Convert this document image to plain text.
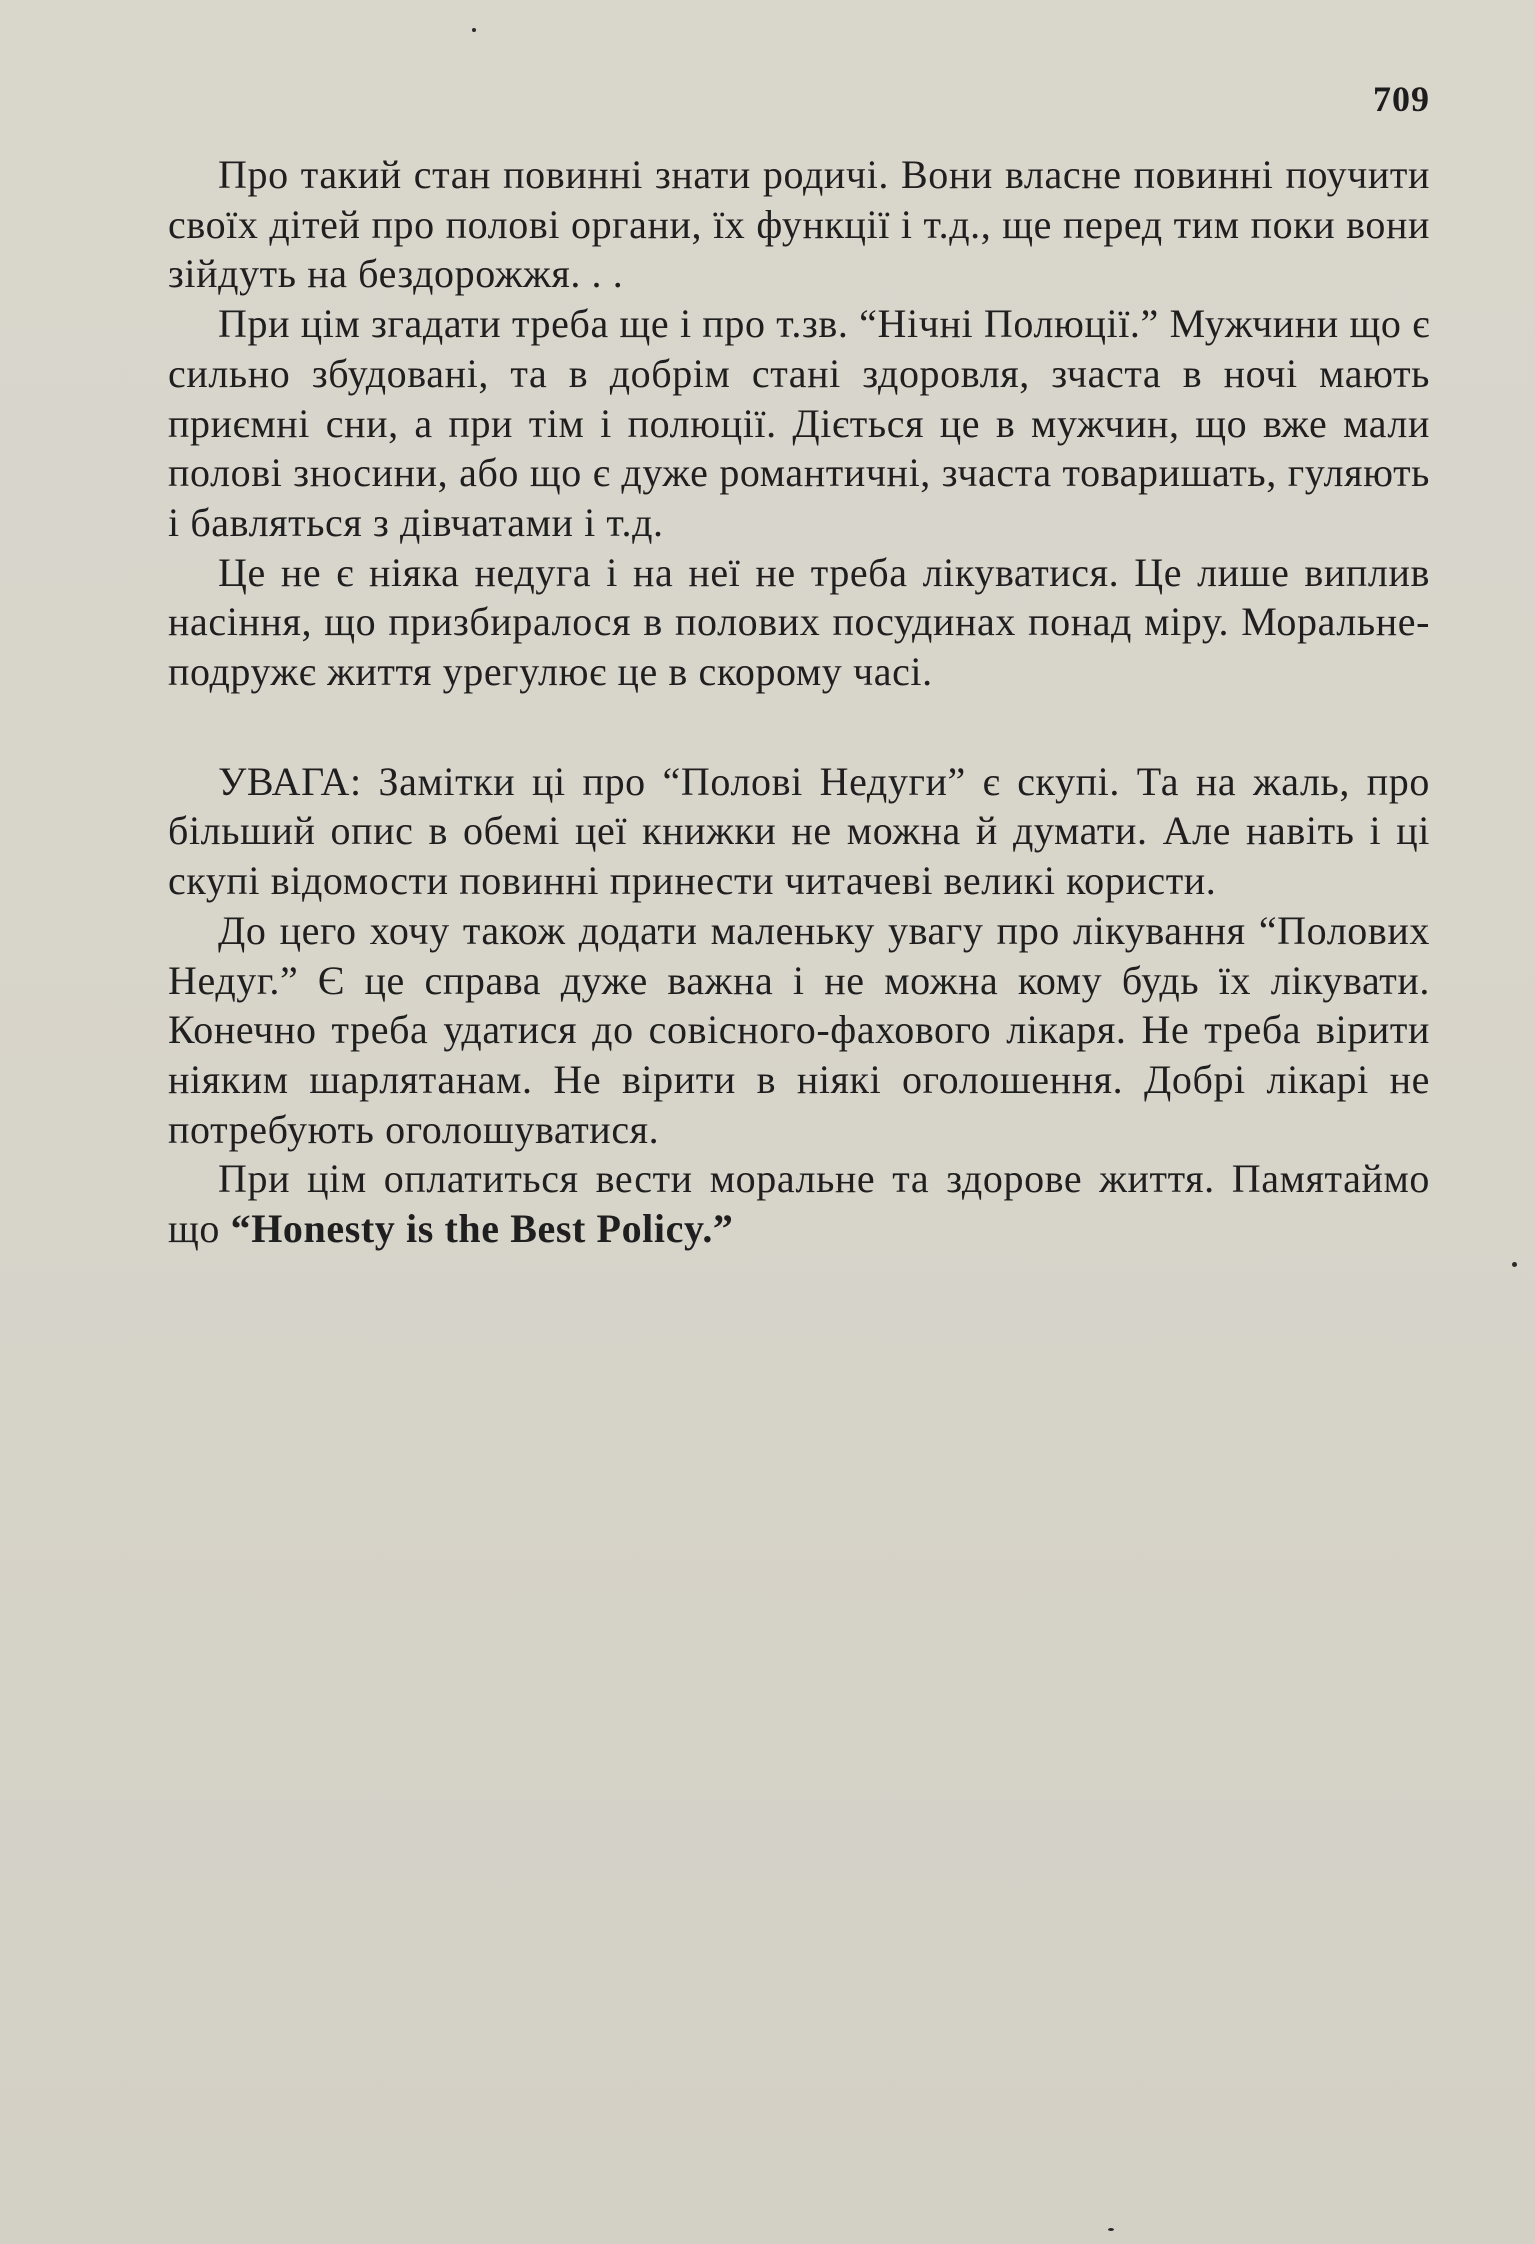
709

Про такий стан повинні знати родичі. Вони власне повинні поучити своїх дітей про полові органи, їх функції і т.д., ще перед тим поки вони зійдуть на бездорожжя. . .

При цім згадати треба ще і про т.зв. “Нічні Полюції.” Мужчини що є сильно збудовані, та в добрім стані здоровля, зчаста в ночі мають приємні сни, а при тім і полюції. Діється це в мужчин, що вже мали полові зносини, або що є дуже романтичні, зчаста товаришать, гуляють і бавляться з дівчатами і т.д.

Це не є ніяка недуга і на неї не треба лікуватися. Це лише виплив насіння, що призбиралося в полових посудинах понад міру. Моральне-подружє життя урегулює це в скорому часі.

УВАГА: Замітки ці про “Полові Недуги” є скупі. Та на жаль, про більший опис в обемі цеї книжки не можна й думати. Але навіть і ці скупі відомости повинні принести читачеві великі користи.

До цего хочу також додати маленьку увагу про лікування “Полових Недуг.” Є це справа дуже важна і не можна кому будь їх лікувати. Конечно треба удатися до совісного-фахового лікаря. Не треба вірити ніяким шарлятанам. Не вірити в ніякі оголошення. Добрі лікарі не потребують оголошуватися.

При цім оплатиться вести моральне та здорове життя. Памятаймо що “Honesty is the Best Policy.”
